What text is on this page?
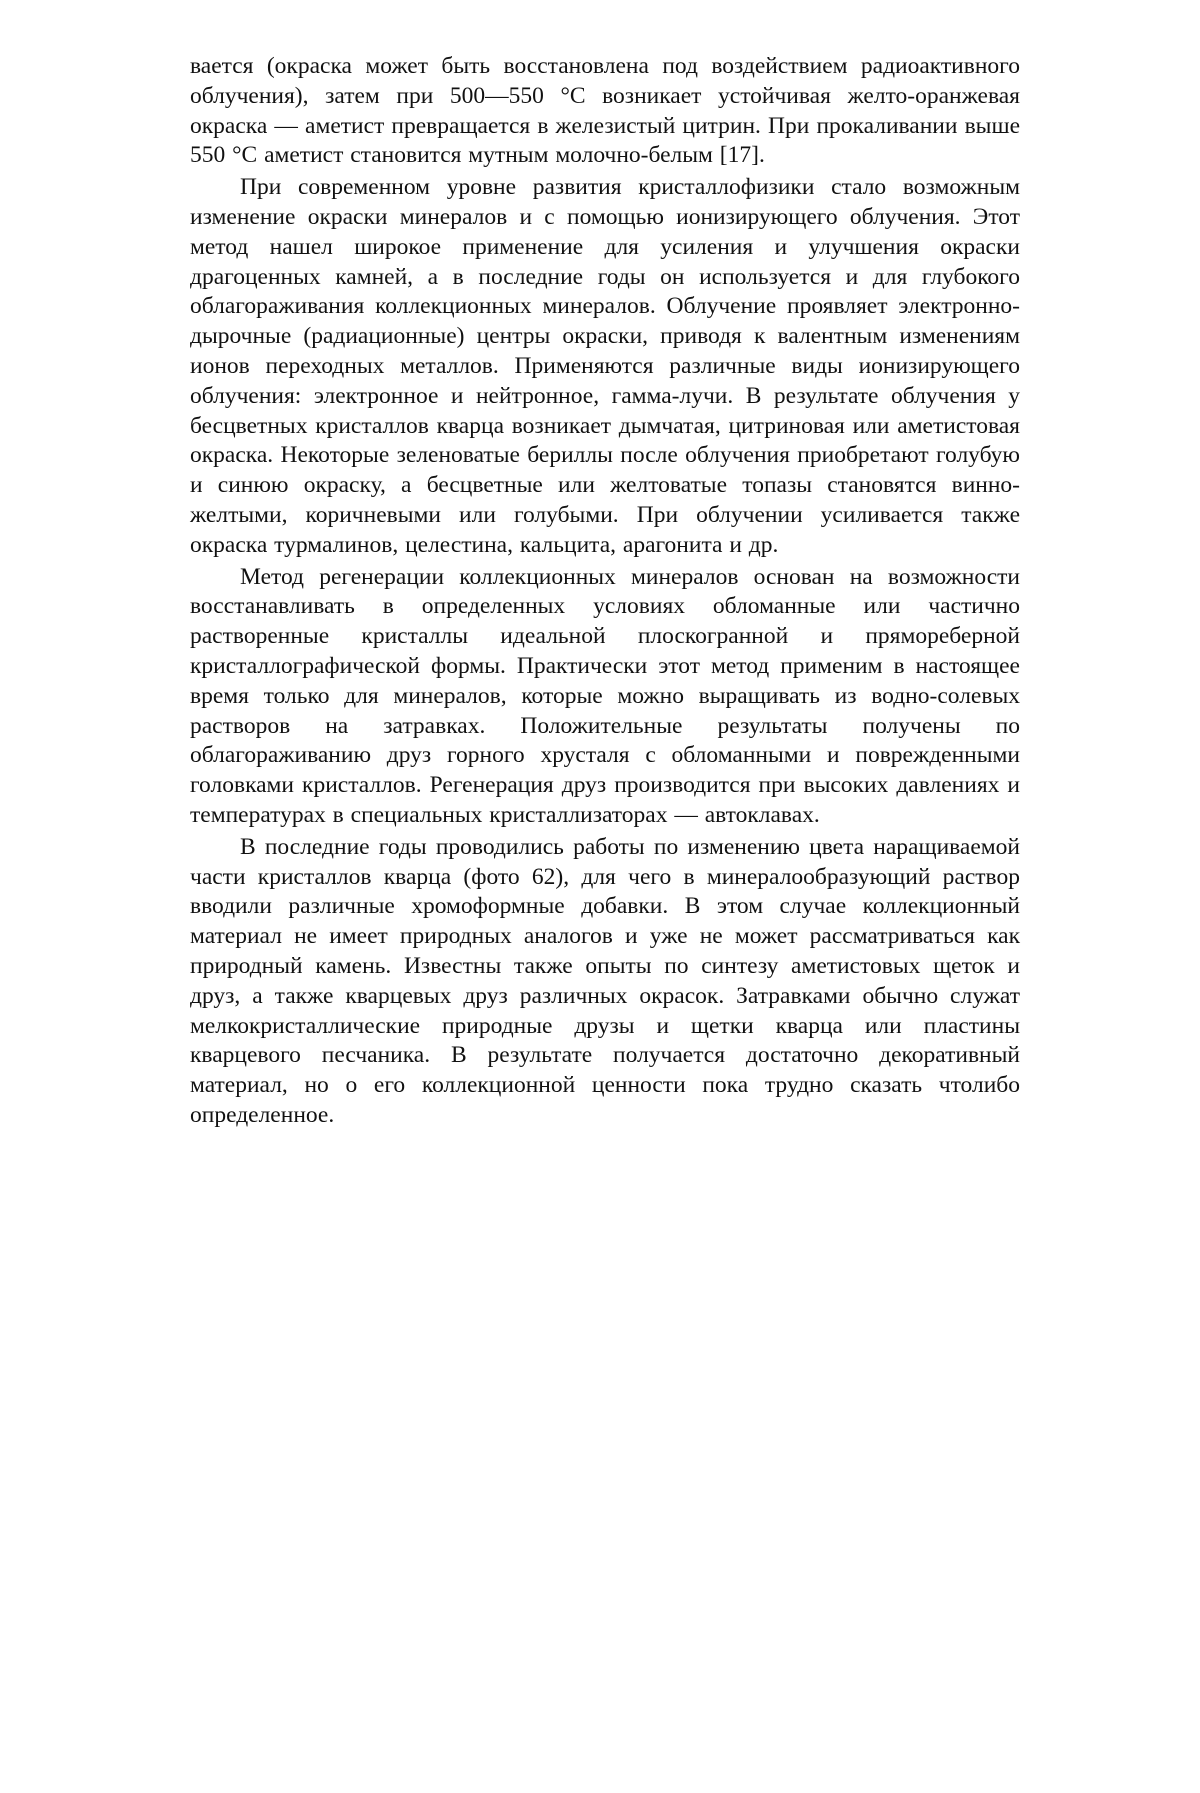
вается (окраска может быть восстановлена под воздействием радиоактивного облучения), затем при 500—550 °С возникает устойчивая желто-оранжевая окраска — аметист превращается в железистый цитрин. При прокаливании выше 550 °С аметист становится мутным молочно-белым [17].

При современном уровне развития кристаллофизики стало возможным изменение окраски минералов и с помощью ионизирующего облучения. Этот метод нашел широкое применение для усиления и улучшения окраски драгоценных камней, а в последние годы он используется и для глубокого облагораживания коллекционных минералов. Облучение проявляет электронно-дырочные (радиационные) центры окраски, приводя к валентным изменениям ионов переходных металлов. Применяются различные виды ионизирующего облучения: электронное и нейтронное, гамма-лучи. В результате облучения у бесцветных кристаллов кварца возникает дымчатая, цитриновая или аметистовая окраска. Некоторые зеленоватые бериллы после облучения приобретают голубую и синюю окраску, а бесцветные или желтоватые топазы становятся винно-желтыми, коричневыми или голубыми. При облучении усиливается также окраска турмалинов, целестина, кальцита, арагонита и др.

Метод регенерации коллекционных минералов основан на возможности восстанавливать в определенных условиях обломанные или частично растворенные кристаллы идеальной плоскогранной и прямореберной кристаллографической формы. Практически этот метод применим в настоящее время только для минералов, которые можно выращивать из водно-солевых растворов на затравках. Положительные результаты получены по облагораживанию друз горного хрусталя с обломанными и поврежденными головками кристаллов. Регенерация друз производится при высоких давлениях и температурах в специальных кристаллизаторах — автоклавах.

В последние годы проводились работы по изменению цвета наращиваемой части кристаллов кварца (фото 62), для чего в минералообразующий раствор вводили различные хромоформные добавки. В этом случае коллекционный материал не имеет природных аналогов и уже не может рассматриваться как природный камень. Известны также опыты по синтезу аметистовых щеток и друз, а также кварцевых друз различных окрасок. Затравками обычно служат мелкокристаллические природные друзы и щетки кварца или пластины кварцевого песчаника. В результате получается достаточно декоративный материал, но о его коллекционной ценности пока трудно сказать чтолибо определенное.
